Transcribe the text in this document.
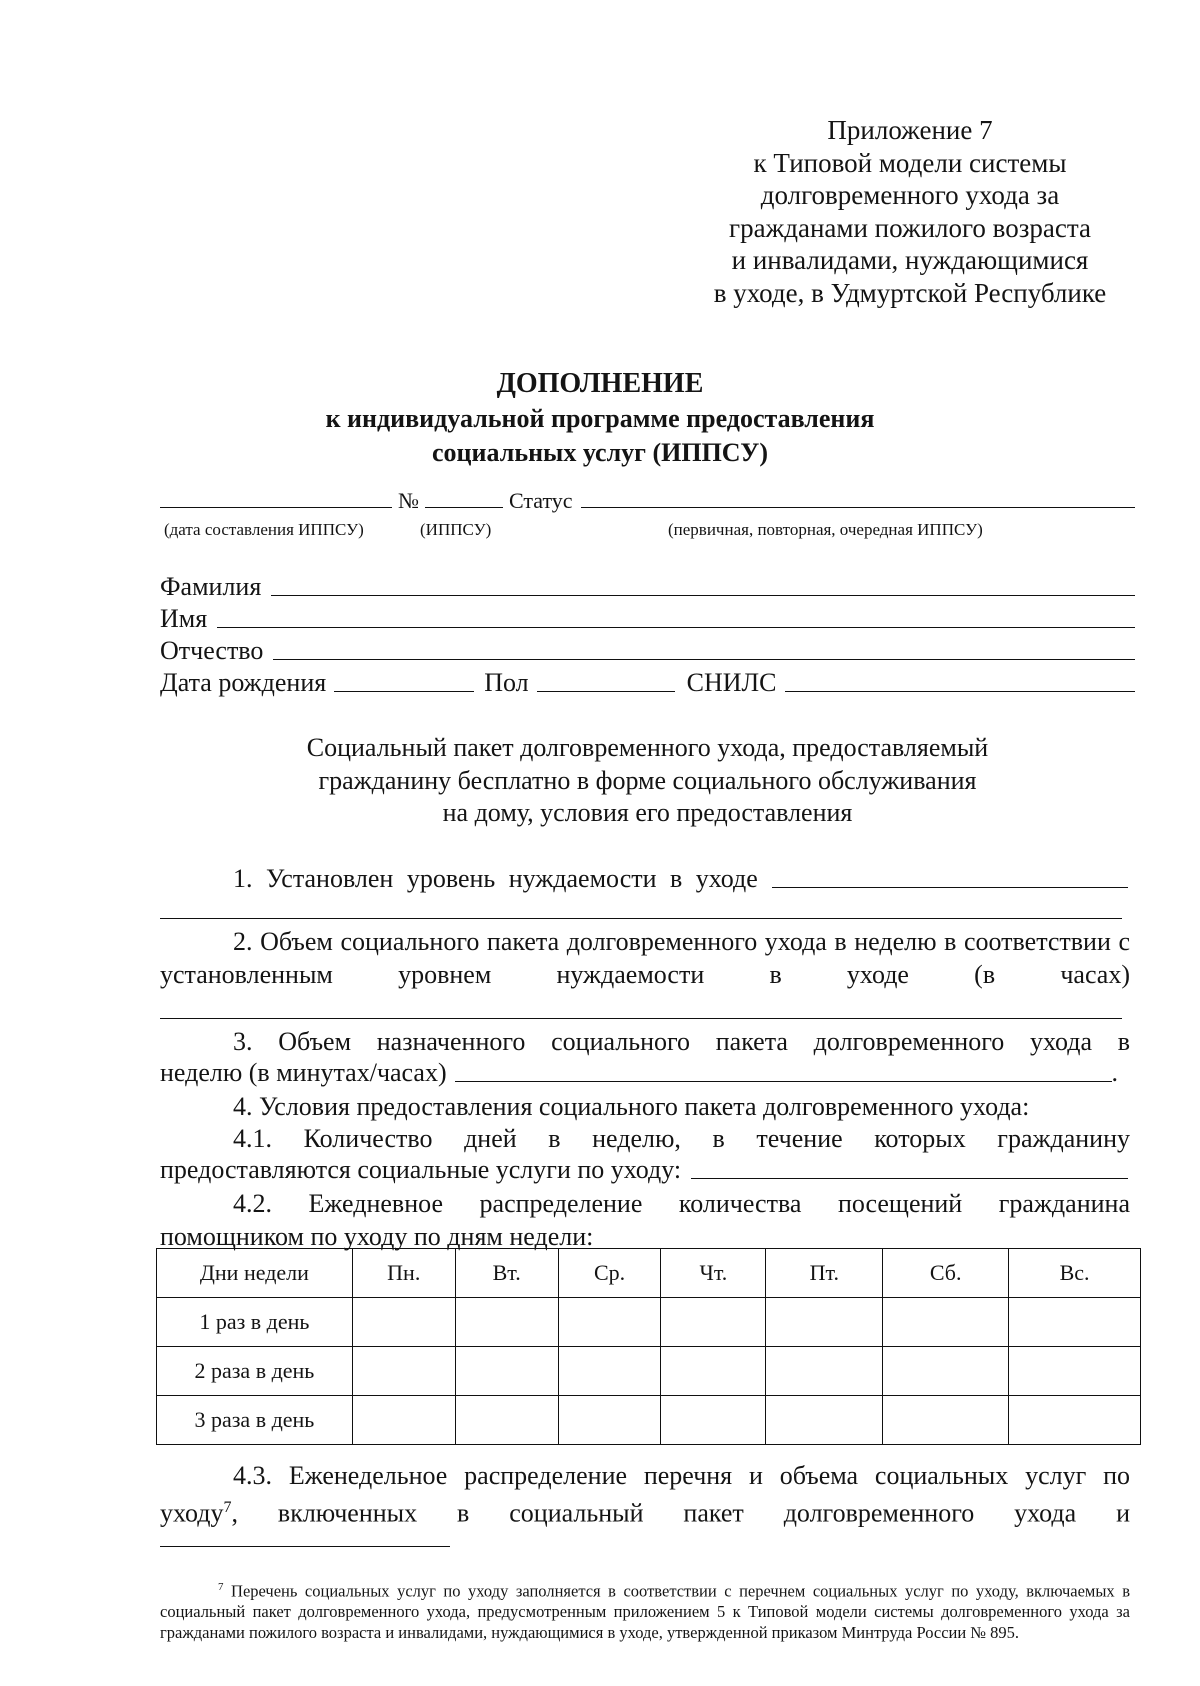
Приложение 7
к Типовой модели системы
долговременного ухода за
гражданами пожилого возраста
и инвалидами, нуждающимися
в уходе, в Удмуртской Республике
ДОПОЛНЕНИЕ
к индивидуальной программе предоставления
социальных услуг (ИППСУ)
№	Статус
(дата составления ИППСУ)	(ИППСУ)	(первичная, повторная, очередная ИППСУ)
Фамилия
Имя
Отчество
Дата рождения	Пол	СНИЛС
Социальный пакет долговременного ухода, предоставляемый
гражданину бесплатно в форме социального обслуживания
на дому, условия его предоставления
1. Установлен уровень нуждаемости в уходе
2. Объем социального пакета долговременного ухода в неделю в соответствии с установленным уровнем нуждаемости в уходе (в часах)
3. Объем назначенного социального пакета долговременного ухода в
неделю (в минутах/часах)	.
4. Условия предоставления социального пакета долговременного ухода:
4.1. Количество дней в неделю, в течение которых гражданину
предоставляются социальные услуги по уходу:
4.2. Ежедневное распределение количества посещений гражданина помощником по уходу по дням недели:
Дни недели	Пн.	Вт.	Ср.	Чт.	Пт.	Сб.	Вс.
1 раз в день							
2 раза в день							
3 раза в день							
4.3. Еженедельное распределение перечня и объема социальных услуг по
уходу$^7$, включенных в социальный пакет долговременного ухода и
$^7$ Перечень социальных услуг по уходу заполняется в соответствии с перечнем социальных услуг по уходу, включаемых в социальный пакет долговременного ухода, предусмотренным приложением 5 к Типовой модели системы долговременного ухода за гражданами пожилого возраста и инвалидами, нуждающимися в уходе, утвержденной приказом Минтруда России № 895.
